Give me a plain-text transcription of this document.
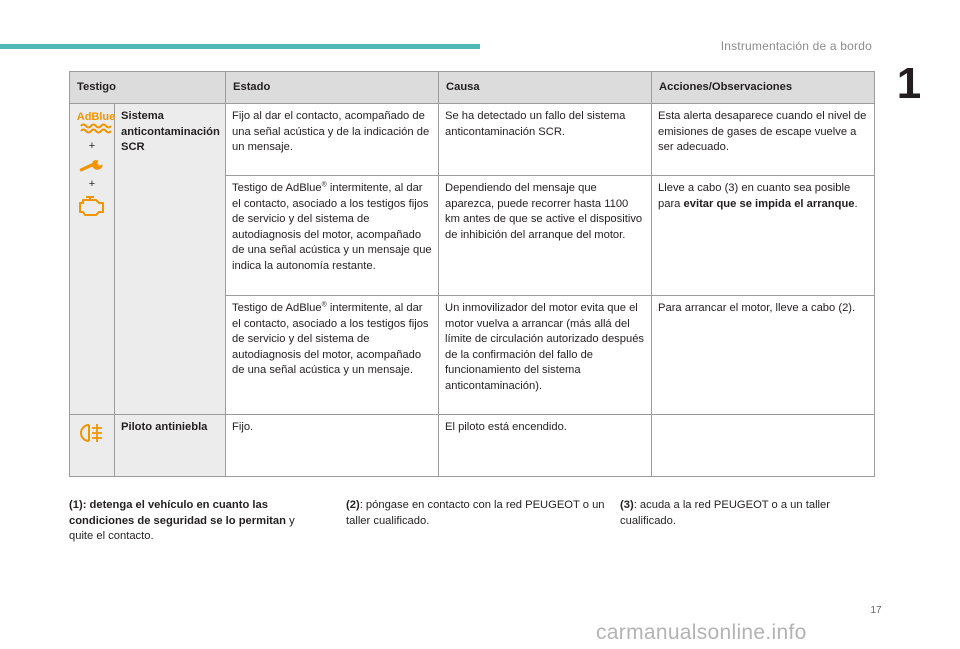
Instrumentación de a bordo
1
Testigo		Estado	Causa	Acciones/Observaciones

AdBlue
+
+	Sistema
anticontaminación
SCR	Fijo al dar el contacto, acompañado de una señal acústica y de la indicación de un mensaje.	Se ha detectado un fallo del sistema anticontaminación SCR.	Esta alerta desaparece cuando el nivel de emisiones de gases de escape vuelve a ser adecuado.
		Testigo de AdBlue® intermitente, al dar el contacto, asociado a los testigos fijos de servicio y del sistema de autodiagnosis del motor, acompañado de una señal acústica y un mensaje que indica la autonomía restante.	Dependiendo del mensaje que aparezca, puede recorrer hasta 1100 km antes de que se active el dispositivo de inhibición del arranque del motor.	Lleve a cabo (3) en cuanto sea posible para evitar que se impida el arranque.
		Testigo de AdBlue® intermitente, al dar el contacto, asociado a los testigos fijos de servicio y del sistema de autodiagnosis del motor, acompañado de una señal acústica y un mensaje.	Un inmovilizador del motor evita que el motor vuelva a arrancar (más allá del límite de circulación autorizado después de la confirmación del fallo de funcionamiento del sistema anticontaminación).	Para arrancar el motor, lleve a cabo (2).

	Piloto antiniebla	Fijo.	El piloto está encendido.	
(1): detenga el vehículo en cuanto las condiciones de seguridad se lo permitan y quite el contacto.
(2): póngase en contacto con la red PEUGEOT o un taller cualificado.
(3): acuda a la red PEUGEOT o a un taller cualificado.
17
carmanualsonline.info
